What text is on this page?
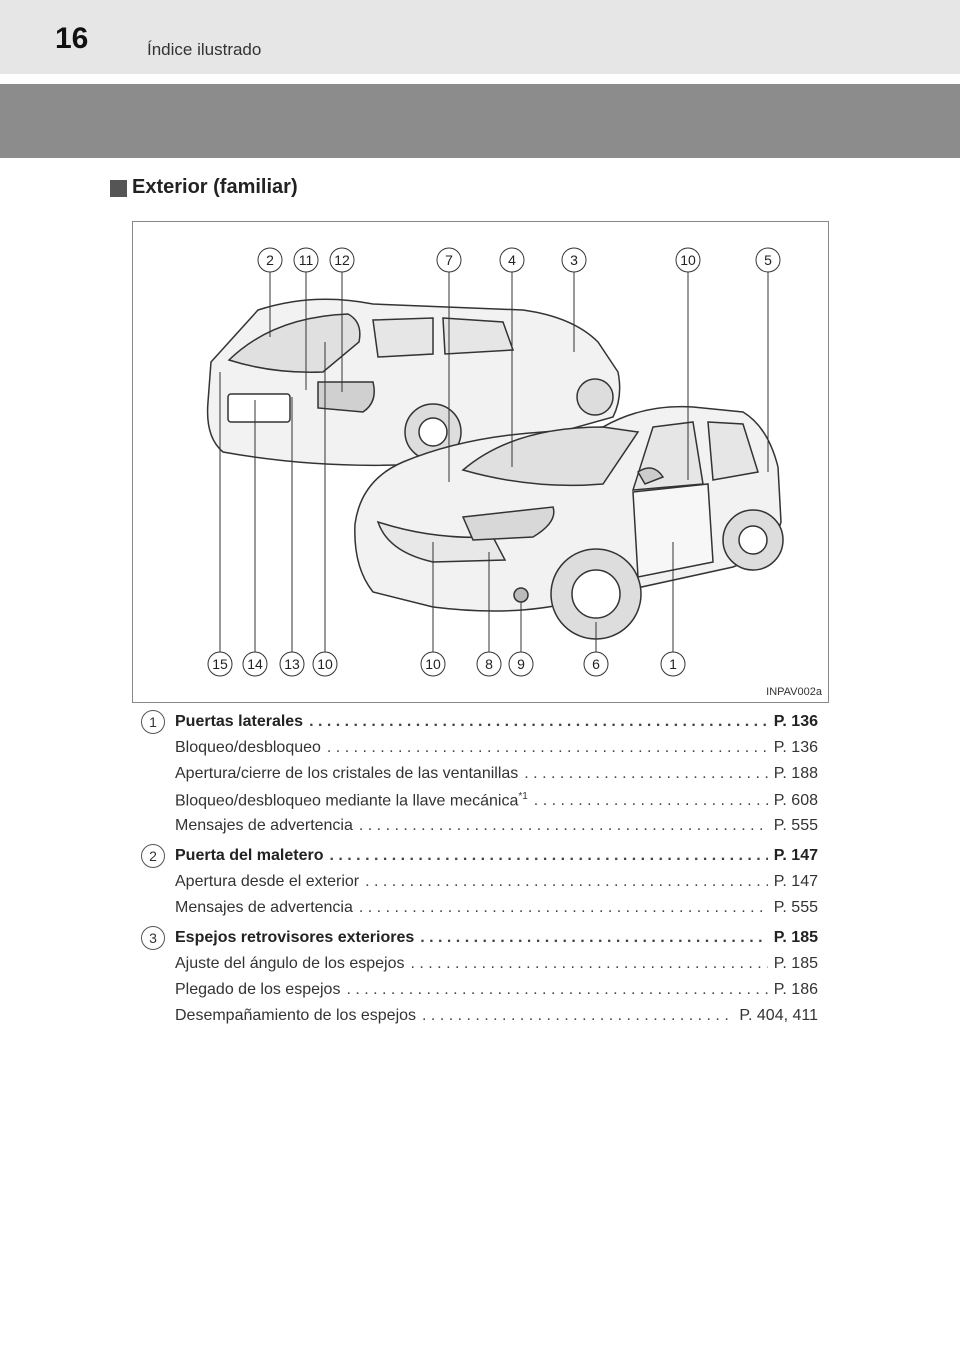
16	Índice ilustrado
Exterior (familiar)
2 11 12	7	4	3	10	5
15 14 13 10	10	8 9	6	1
INPAV002a
1	Puertas laterales . . .	P. 136
Bloqueo/desbloqueo . . .	P. 136
Apertura/cierre de los cristales de las ventanillas . . .	P. 188
Bloqueo/desbloqueo mediante la llave mecánica$^{*1}$ . . .	P. 608
Mensajes de advertencia . . .	P. 555
2	Puerta del maletero . . .	P. 147
Apertura desde el exterior . . .	P. 147
Mensajes de advertencia . . .	P. 555
3	Espejos retrovisores exteriores . . .	P. 185
Ajuste del ángulo de los espejos . . .	P. 185
Plegado de los espejos . . .	P. 186
Desempañamiento de los espejos . . .	P. 404, 411
